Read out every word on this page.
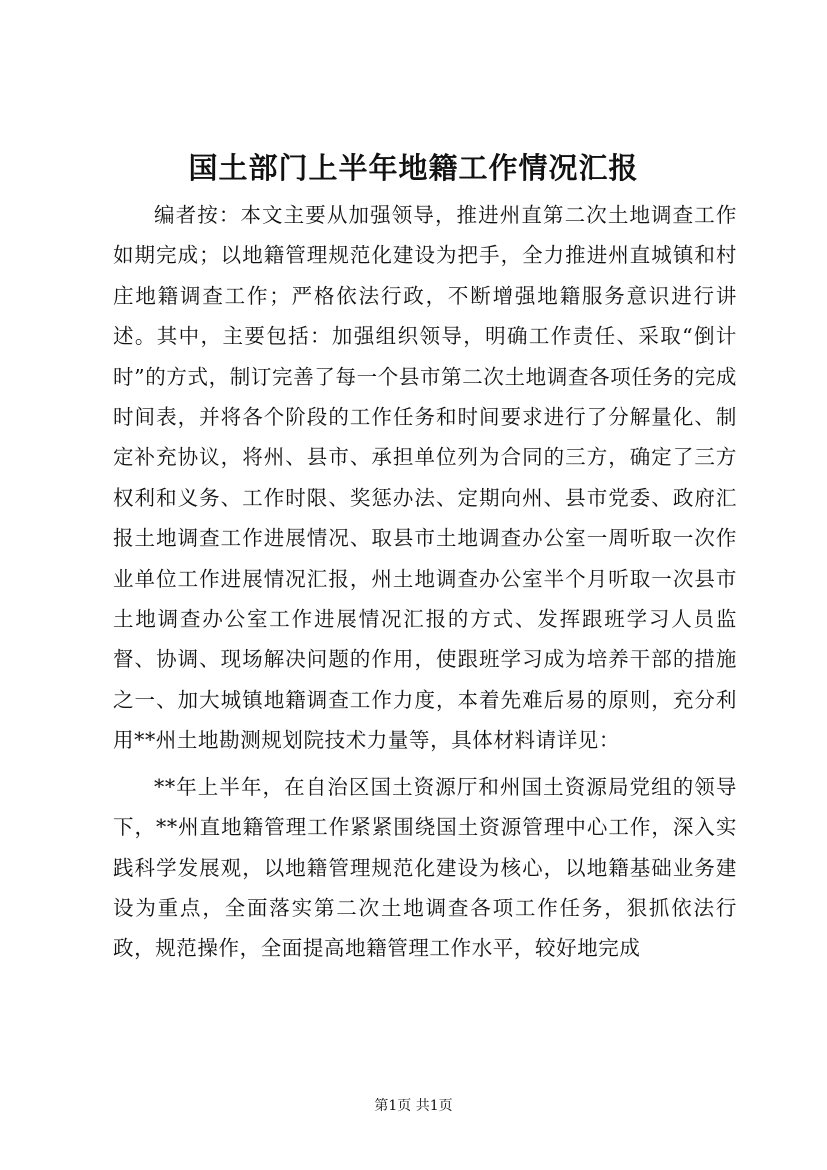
国土部门上半年地籍工作情况汇报

编者按：本文主要从加强领导，推进州直第二次土地调查工作如期完成；以地籍管理规范化建设为把手，全力推进州直城镇和村庄地籍调查工作；严格依法行政，不断增强地籍服务意识进行讲述。其中，主要包括：加强组织领导，明确工作责任、采取“倒计时”的方式，制订完善了每一个县市第二次土地调查各项任务的完成时间表，并将各个阶段的工作任务和时间要求进行了分解量化、制定补充协议，将州、县市、承担单位列为合同的三方，确定了三方权利和义务、工作时限、奖惩办法、定期向州、县市党委、政府汇报土地调查工作进展情况、取县市土地调查办公室一周听取一次作业单位工作进展情况汇报，州土地调查办公室半个月听取一次县市土地调查办公室工作进展情况汇报的方式、发挥跟班学习人员监督、协调、现场解决问题的作用，使跟班学习成为培养干部的措施之一、加大城镇地籍调查工作力度，本着先难后易的原则，充分利用**州土地勘测规划院技术力量等，具体材料请详见：

**年上半年，在自治区国土资源厅和州国土资源局党组的领导下，**州直地籍管理工作紧紧围绕国土资源管理中心工作，深入实践科学发展观，以地籍管理规范化建设为核心，以地籍基础业务建设为重点，全面落实第二次土地调查各项工作任务，狠抓依法行政，规范操作，全面提高地籍管理工作水平，较好地完成

第1页 共1页
